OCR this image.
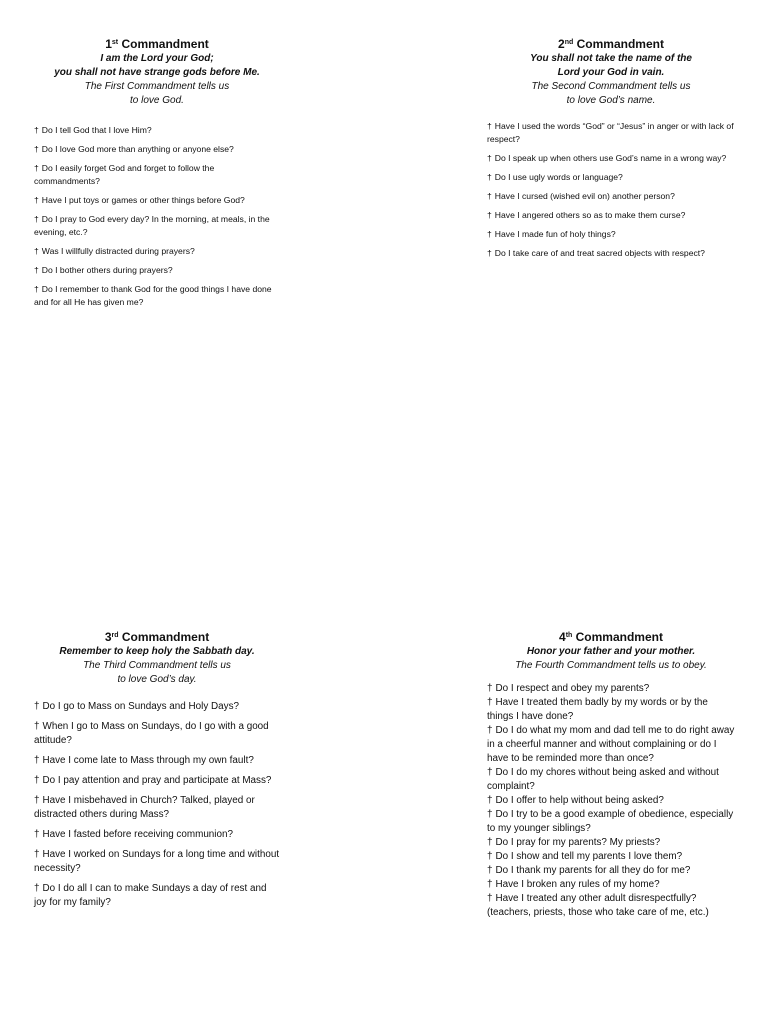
1st Commandment
I am the Lord your God;
you shall not have strange gods before Me.
The First Commandment tells us
to love God.
† Do I tell God that I love Him?
† Do I love God more than anything or anyone else?
† Do I easily forget God and forget to follow the commandments?
† Have I put toys or games or other things before God?
† Do I pray to God every day? In the morning, at meals, in the evening, etc.?
† Was I willfully distracted during prayers?
† Do I bother others during prayers?
† Do I remember to thank God for the good things I have done and for all He has given me?
2nd Commandment
You shall not take the name of the
Lord your God in vain.
The Second Commandment tells us
to love God’s name.
† Have I used the words “God” or “Jesus” in anger or with lack of respect?
† Do I speak up when others use God’s name in a wrong way?
† Do I use ugly words or language?
† Have I cursed (wished evil on) another person?
† Have I angered others so as to make them curse?
† Have I made fun of holy things?
† Do I take care of and treat sacred objects with respect?
3rd Commandment
Remember to keep holy the Sabbath day.
The Third Commandment tells us
to love God’s day.
† Do I go to Mass on Sundays and Holy Days?
† When I go to Mass on Sundays, do I go with a good attitude?
† Have I come late to Mass through my own fault?
† Do I pay attention and pray and participate at Mass?
† Have I misbehaved in Church? Talked, played or distracted others during Mass?
† Have I fasted before receiving communion?
† Have I worked on Sundays for a long time and without necessity?
† Do I do all I can to make Sundays a day of rest and joy for my family?
4th Commandment
Honor your father and your mother.
The Fourth Commandment tells us to obey.
† Do I respect and obey my parents?
† Have I treated them badly by my words or by the things I have done?
† Do I do what my mom and dad tell me to do right away in a cheerful manner and without complaining or do I have to be reminded more than once?
† Do I do my chores without being asked and without complaint?
† Do I offer to help without being asked?
† Do I try to be a good example of obedience, especially to my younger siblings?
† Do I pray for my parents? My priests?
† Do I show and tell my parents I love them?
† Do I thank my parents for all they do for me?
† Have I broken any rules of my home?
† Have I treated any other adult disrespectfully? (teachers, priests, those who take care of me, etc.)
